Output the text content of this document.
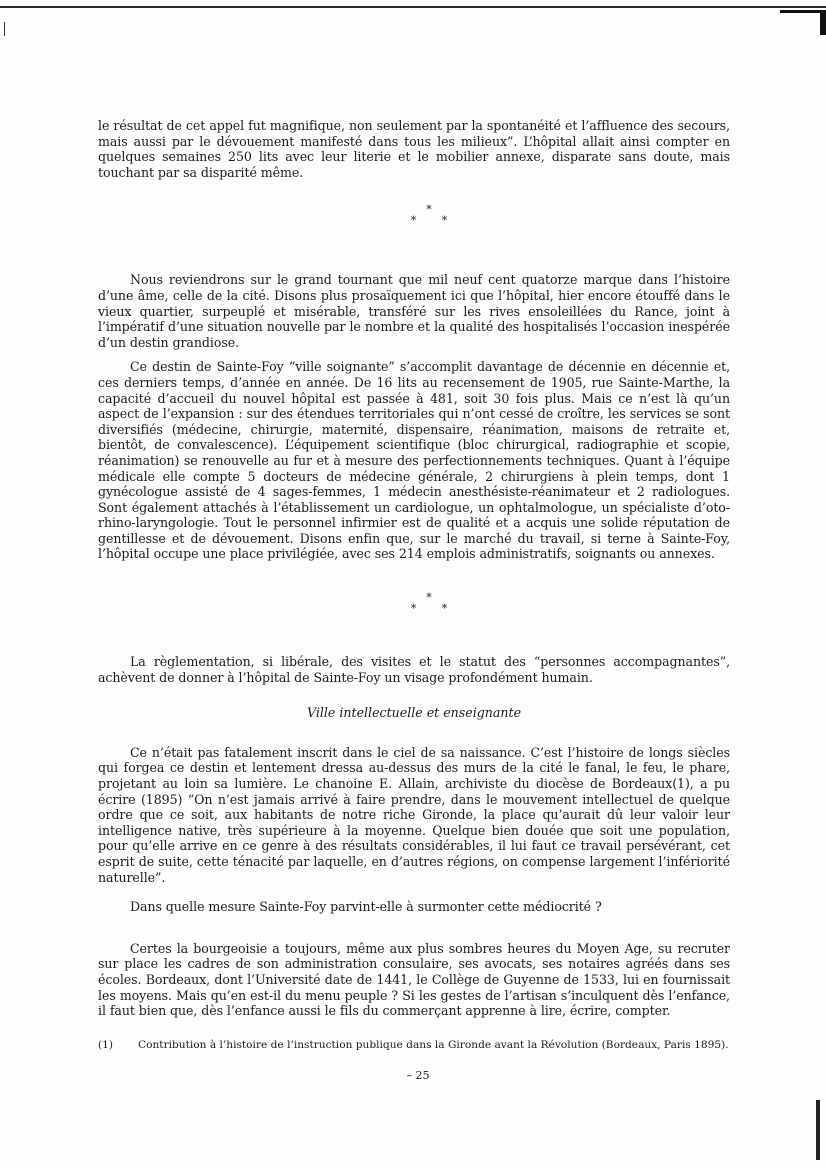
le résultat de cet appel fut magnifique, non seulement par la spontanéité et l’affluence des secours, mais aussi par le dévouement manifesté dans tous les milieux”. L’hôpital allait ainsi compter en quelques semaines 250 lits avec leur literie et le mobilier annexe, disparate sans doute, mais touchant par sa disparité même.

*
* *

Nous reviendrons sur le grand tournant que mil neuf cent quatorze marque dans l’histoire d’une âme, celle de la cité. Disons plus prosaïquement ici que l’hôpital, hier encore étouffé dans le vieux quartier, surpeuplé et misérable, transféré sur les rives ensoleillées du Rance, joint à l’impératif d’une situation nouvelle par le nombre et la qualité des hospitalisés l’occasion inespérée d’un destin grandiose.

Ce destin de Sainte-Foy “ville soignante” s’accomplit davantage de décennie en décennie et, ces derniers temps, d’année en année. De 16 lits au recensement de 1905, rue Sainte-Marthe, la capacité d’accueil du nouvel hôpital est passée à 481, soit 30 fois plus. Mais ce n’est là qu’un aspect de l’expansion : sur des étendues territoriales qui n’ont cessé de croître, les services se sont diversifiés (médecine, chirurgie, maternité, dispensaire, réanimation, maisons de retraite et, bientôt, de convalescence). L’équipement scientifique (bloc chirurgical, radiographie et scopie, réanimation) se renouvelle au fur et à mesure des perfectionnements techniques. Quant à l’équipe médicale elle compte 5 docteurs de médecine générale, 2 chirurgiens à plein temps, dont 1 gynécologue assisté de 4 sages-femmes, 1 médecin anesthésiste-réanimateur et 2 radiologues. Sont également attachés à l’établissement un cardiologue, un ophtalmologue, un spécialiste d’oto-rhino-laryngologie. Tout le personnel infirmier est de qualité et a acquis une solide réputation de gentillesse et de dévouement. Disons enfin que, sur le marché du travail, si terne à Sainte-Foy, l’hôpital occupe une place privilégiée, avec ses 214 emplois administratifs, soignants ou annexes.

*
* *

La règlementation, si libérale, des visites et le statut des “personnes accompagnantes”, achèvent de donner à l’hôpital de Sainte-Foy un visage profondément humain.

Ville intellectuelle et enseignante

Ce n’était pas fatalement inscrit dans le ciel de sa naissance. C’est l’histoire de longs siècles qui forgea ce destin et lentement dressa au-dessus des murs de la cité le fanal, le feu, le phare, projetant au loin sa lumière. Le chanoine E. Allain, archiviste du diocèse de Bordeaux(1), a pu écrire (1895) “On n’est jamais arrivé à faire prendre, dans le mouvement intellectuel de quelque ordre que ce soit, aux habitants de notre riche Gironde, la place qu’aurait dû leur valoir leur intelligence native, très supérieure à la moyenne. Quelque bien douée que soit une population, pour qu’elle arrive en ce genre à des résultats considérables, il lui faut ce travail persévérant, cet esprit de suite, cette ténacité par laquelle, en d’autres régions, on compense largement l’infériorité naturelle”.

Dans quelle mesure Sainte-Foy parvint-elle à surmonter cette médiocrité ?

Certes la bourgeoisie a toujours, même aux plus sombres heures du Moyen Age, su recruter sur place les cadres de son administration consulaire, ses avocats, ses notaires agréés dans ses écoles. Bordeaux, dont l’Université date de 1441, le Collège de Guyenne de 1533, lui en fournissait les moyens. Mais qu’en est-il du menu peuple ? Si les gestes de l’artisan s’inculquent dès l’enfance, il faut bien que, dès l’enfance aussi le fils du commerçant apprenne à lire, écrire, compter.

(1)	Contribution à l’histoire de l’instruction publique dans la Gironde avant la Révolution (Bordeaux, Paris 1895).
– 25
